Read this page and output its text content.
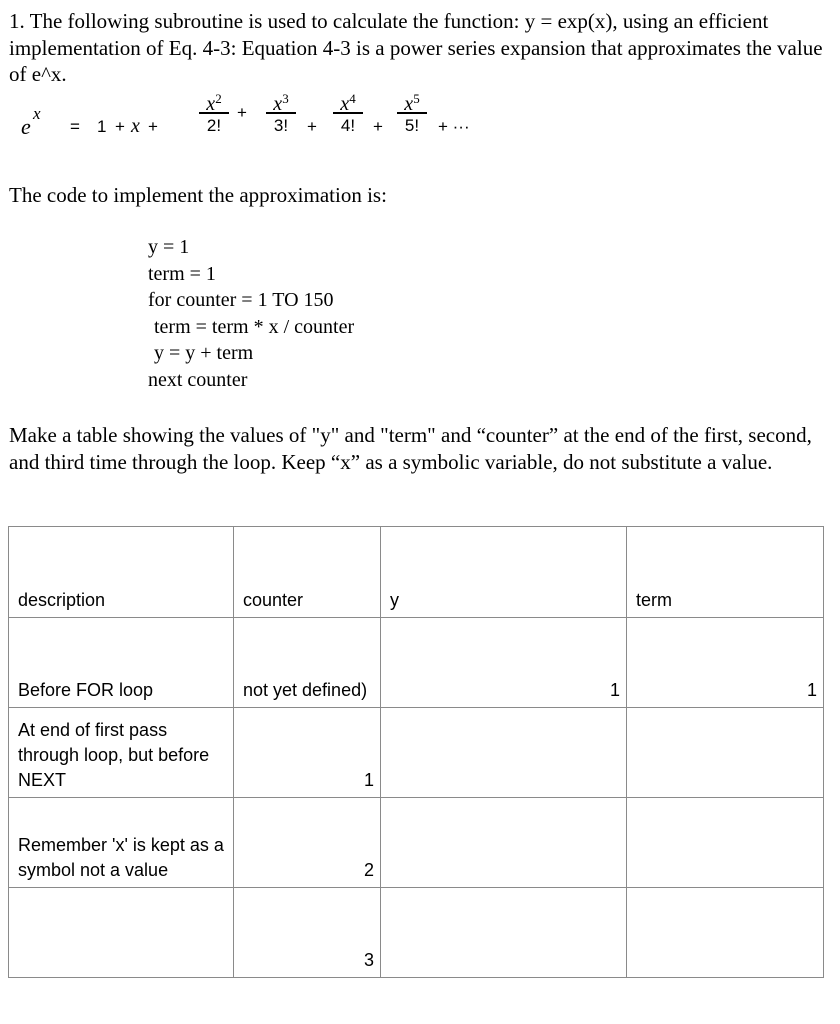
1. The following subroutine is used to calculate the function: y = exp(x), using an efficient implementation of Eq. 4-3: Equation 4-3 is a power series expansion that approximates the value of e^x.

e
x
= 1 + x +
$x^2$
2!
+	$x^3$
3!	+
$x^4$
4!	+
$x^5$
5!	+ ···

The code to implement the approximation is:

y = 1
term = 1
for counter = 1 TO 150
term = term * x / counter
y = y + term
next counter

Make a table showing the values of "y" and "term" and “counter” at the end of the first, second, and third time through the loop. Keep “x” as a symbolic variable, do not substitute a value.

description	counter	y	term
Before FOR loop	not yet defined)	1	1
At end of first pass through loop, but before NEXT	1		
Remember 'x' is kept as a symbol not a value	2		
	3		
